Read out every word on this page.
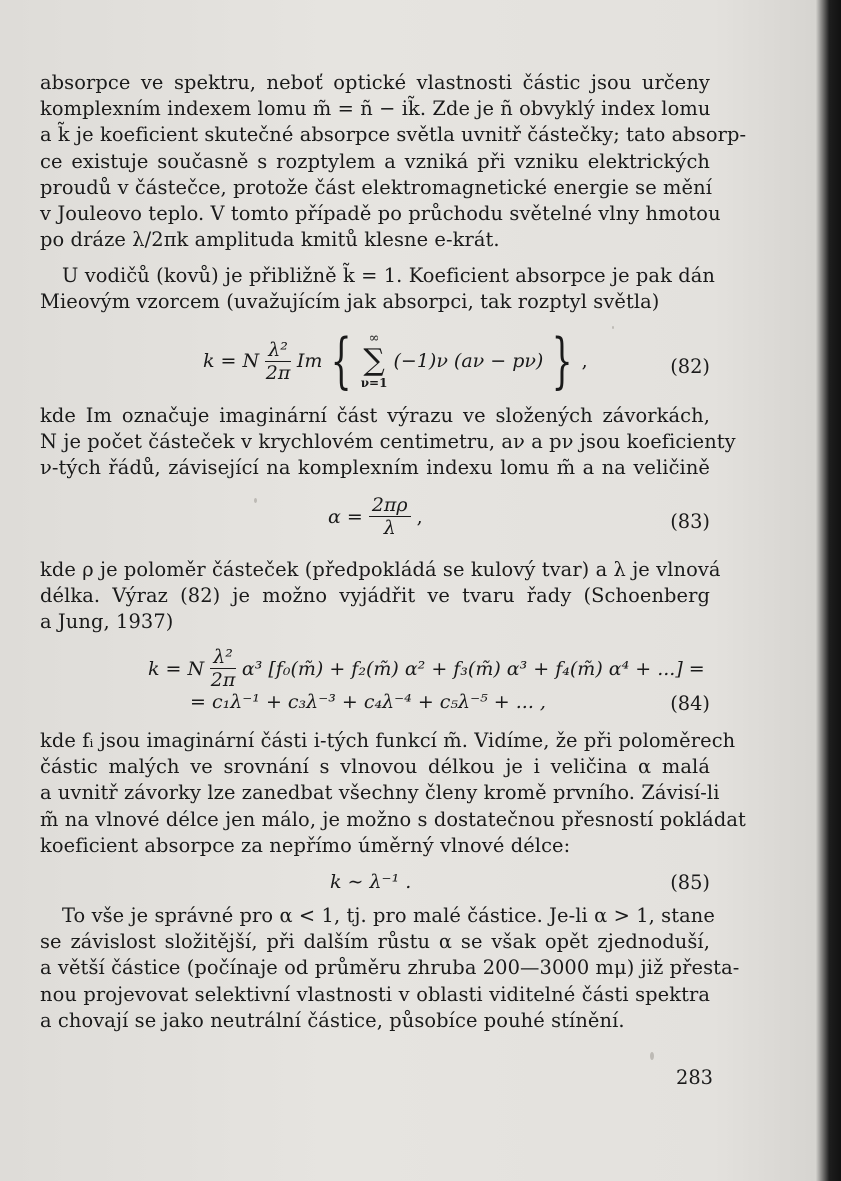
absorpce ve spektru, neboť optické vlastnosti částic jsou určeny
komplexním indexem lomu m̃ = ñ − ik̃. Zde je ñ obvyklý index lomu
a k̃ je koeficient skutečné absorpce světla uvnitř částečky; tato absorp-
ce existuje současně s rozptylem a vzniká při vzniku elektrických
proudů v částečce, protože část elektromagnetické energie se mění
v Jouleovo teplo. V tomto případě po průchodu světelné vlny hmotou
po dráze λ/2πk amplituda kmitů klesne e-krát.
U vodičů (kovů) je přibližně k̃ = 1. Koeficient absorpce je pak dán
Mieovým vzorcem (uvažujícím jak absorpci, tak rozptyl světla)
k = N $\frac{\text{λ²}}{2\pi}$ Im {	∞
∑
ν=1
(−1)ν (aν − pν) } ,	(82)
kde Im označuje imaginární část výrazu ve složených závorkách,
N je počet částeček v krychlovém centimetru, aν a pν jsou koeficienty
ν-tých řádů, závisející na komplexním indexu lomu m̃ a na veličině
$\alpha = \frac{2\pi\rho}{\lambda}$ ,	(83)
kde ρ je poloměr částeček (předpokládá se kulový tvar) a λ je vlnová
délka. Výraz (82) je možno vyjádřit ve tvaru řady (Schoenberg
a Jung, 1937)
k = N $\frac{\text{λ²}}{2\pi} \alpha^3$ [f₀(m̃) + f₂(m̃) α² + f₃(m̃) α³ + f₄(m̃) α⁴ + ...] =
= c₁λ⁻¹ + c₃λ⁻³ + c₄λ⁻⁴ + c₅λ⁻⁵ + ... ,	(84)
kde fᵢ jsou imaginární části i-tých funkcí m̃. Vidíme, že při poloměrech
částic malých ve srovnání s vlnovou délkou je i veličina α malá
a uvnitř závorky lze zanedbat všechny členy kromě prvního. Závisí-li
m̃ na vlnové délce jen málo, je možno s dostatečnou přesností pokládat
koeficient absorpce za nepřímo úměrný vlnové délce:
k ∼ λ⁻¹ .	(85)
To vše je správné pro α < 1, tj. pro malé částice. Je-li α > 1, stane
se závislost složitější, při dalším růstu α se však opět zjednoduší,
a větší částice (počínaje od průměru zhruba 200—3000 mμ) již přesta-
nou projevovat selektivní vlastnosti v oblasti viditelné části spektra
a chovají se jako neutrální částice, působíce pouhé stínění.
283
